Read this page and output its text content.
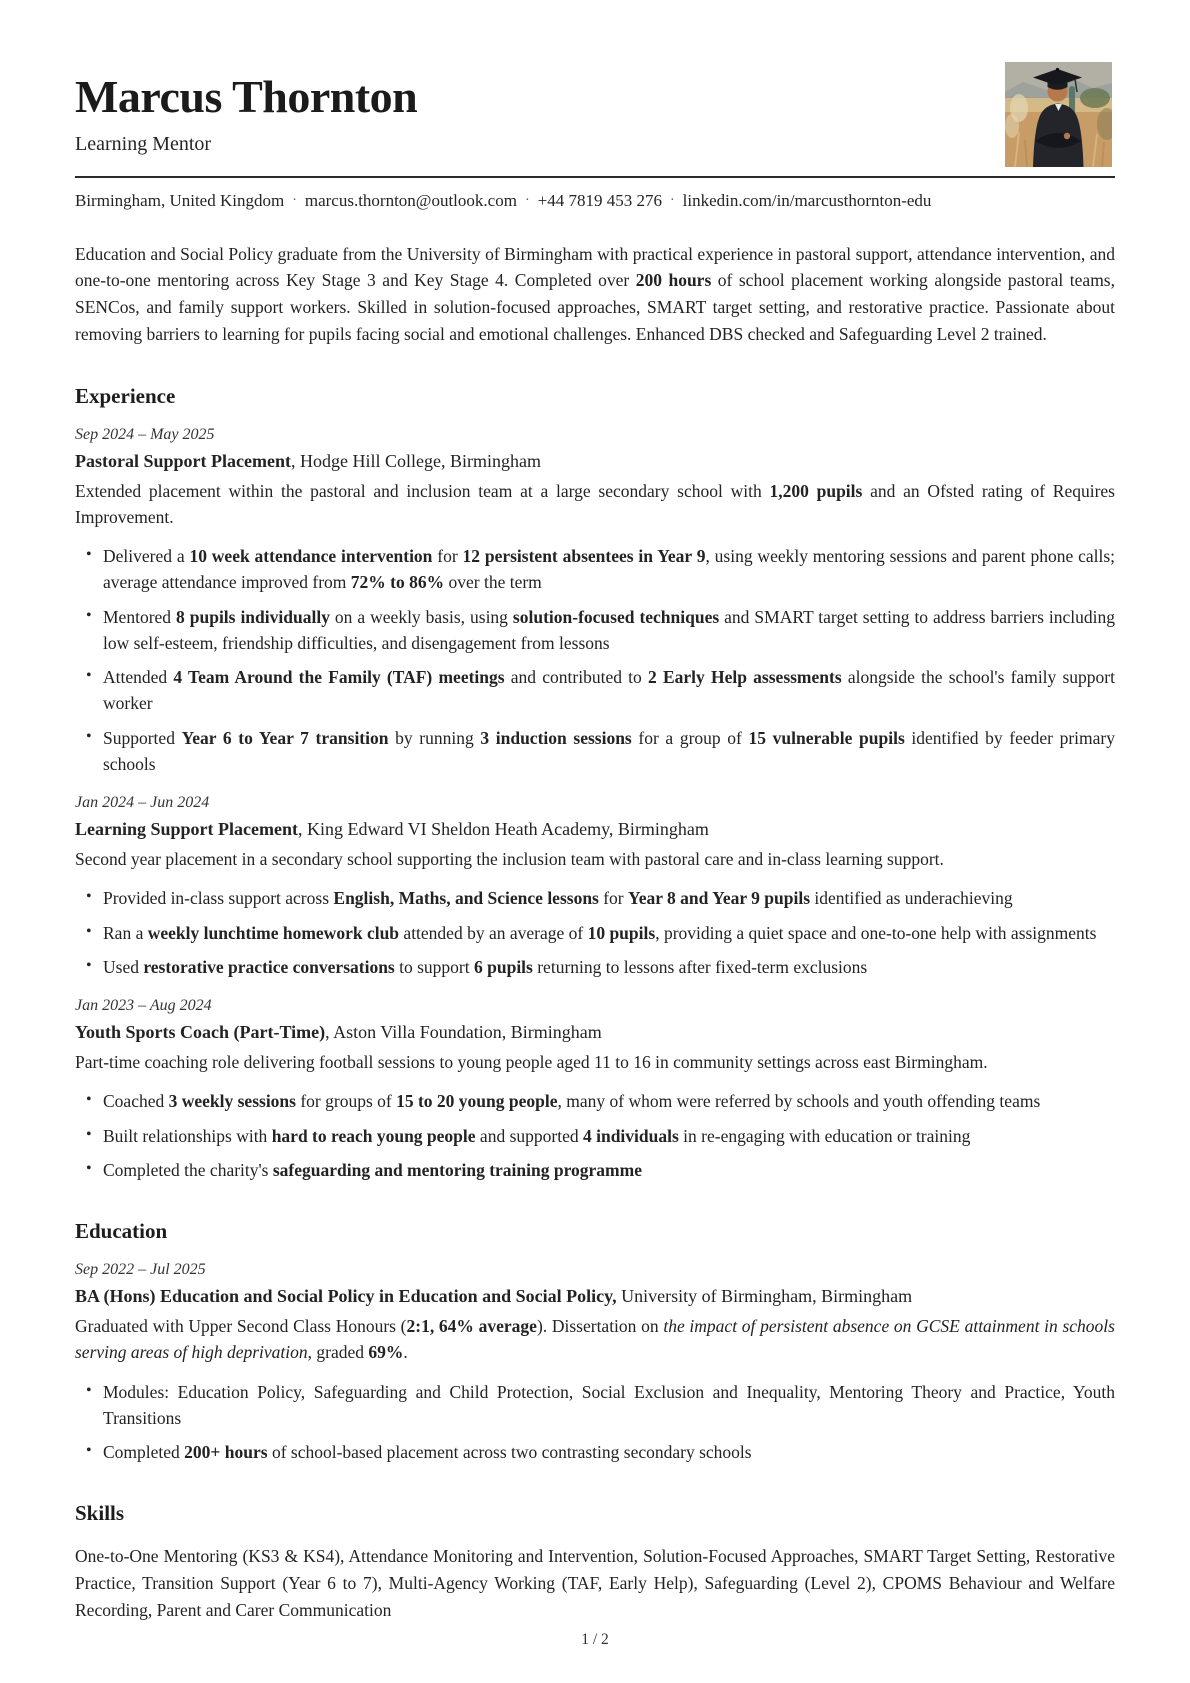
Marcus Thornton
Learning Mentor
Birmingham, United Kingdom · marcus.thornton@outlook.com · +44 7819 453 276 · linkedin.com/in/marcusthornton-edu

Education and Social Policy graduate from the University of Birmingham with practical experience in pastoral support, attendance intervention, and one-to-one mentoring across Key Stage 3 and Key Stage 4. Completed over 200 hours of school placement working alongside pastoral teams, SENCos, and family support workers. Skilled in solution-focused approaches, SMART target setting, and restorative practice. Passionate about removing barriers to learning for pupils facing social and emotional challenges. Enhanced DBS checked and Safeguarding Level 2 trained.

Experience
Sep 2024 – May 2025
Pastoral Support Placement, Hodge Hill College, Birmingham

Extended placement within the pastoral and inclusion team at a large secondary school with 1,200 pupils and an Ofsted rating of Requires Improvement.

• Delivered a 10 week attendance intervention for 12 persistent absentees in Year 9, using weekly mentoring sessions and parent phone calls; average attendance improved from 72% to 86% over the term
• Mentored 8 pupils individually on a weekly basis, using solution-focused techniques and SMART target setting to address barriers including low self-esteem, friendship difficulties, and disengagement from lessons
• Attended 4 Team Around the Family (TAF) meetings and contributed to 2 Early Help assessments alongside the school's family support worker
• Supported Year 6 to Year 7 transition by running 3 induction sessions for a group of 15 vulnerable pupils identified by feeder primary schools
Jan 2024 – Jun 2024
Learning Support Placement, King Edward VI Sheldon Heath Academy, Birmingham

Second year placement in a secondary school supporting the inclusion team with pastoral care and in-class learning support.

• Provided in-class support across English, Maths, and Science lessons for Year 8 and Year 9 pupils identified as underachieving
• Ran a weekly lunchtime homework club attended by an average of 10 pupils, providing a quiet space and one-to-one help with assignments
• Used restorative practice conversations to support 6 pupils returning to lessons after fixed-term exclusions
Jan 2023 – Aug 2024
Youth Sports Coach (Part-Time), Aston Villa Foundation, Birmingham

Part-time coaching role delivering football sessions to young people aged 11 to 16 in community settings across east Birmingham.

• Coached 3 weekly sessions for groups of 15 to 20 young people, many of whom were referred by schools and youth offending teams
• Built relationships with hard to reach young people and supported 4 individuals in re-engaging with education or training
• Completed the charity's safeguarding and mentoring training programme
Education
Sep 2022 – Jul 2025
BA (Hons) Education and Social Policy in Education and Social Policy, University of Birmingham, Birmingham

Graduated with Upper Second Class Honours (2:1, 64% average). Dissertation on the impact of persistent absence on GCSE attainment in schools serving areas of high deprivation, graded 69%.

• Modules: Education Policy, Safeguarding and Child Protection, Social Exclusion and Inequality, Mentoring Theory and Practice, Youth Transitions
• Completed 200+ hours of school-based placement across two contrasting secondary schools
Skills

One-to-One Mentoring (KS3 & KS4), Attendance Monitoring and Intervention, Solution-Focused Approaches, SMART Target Setting, Restorative Practice, Transition Support (Year 6 to 7), Multi-Agency Working (TAF, Early Help), Safeguarding (Level 2), CPOMS Behaviour and Welfare Recording, Parent and Carer Communication

1 / 2
